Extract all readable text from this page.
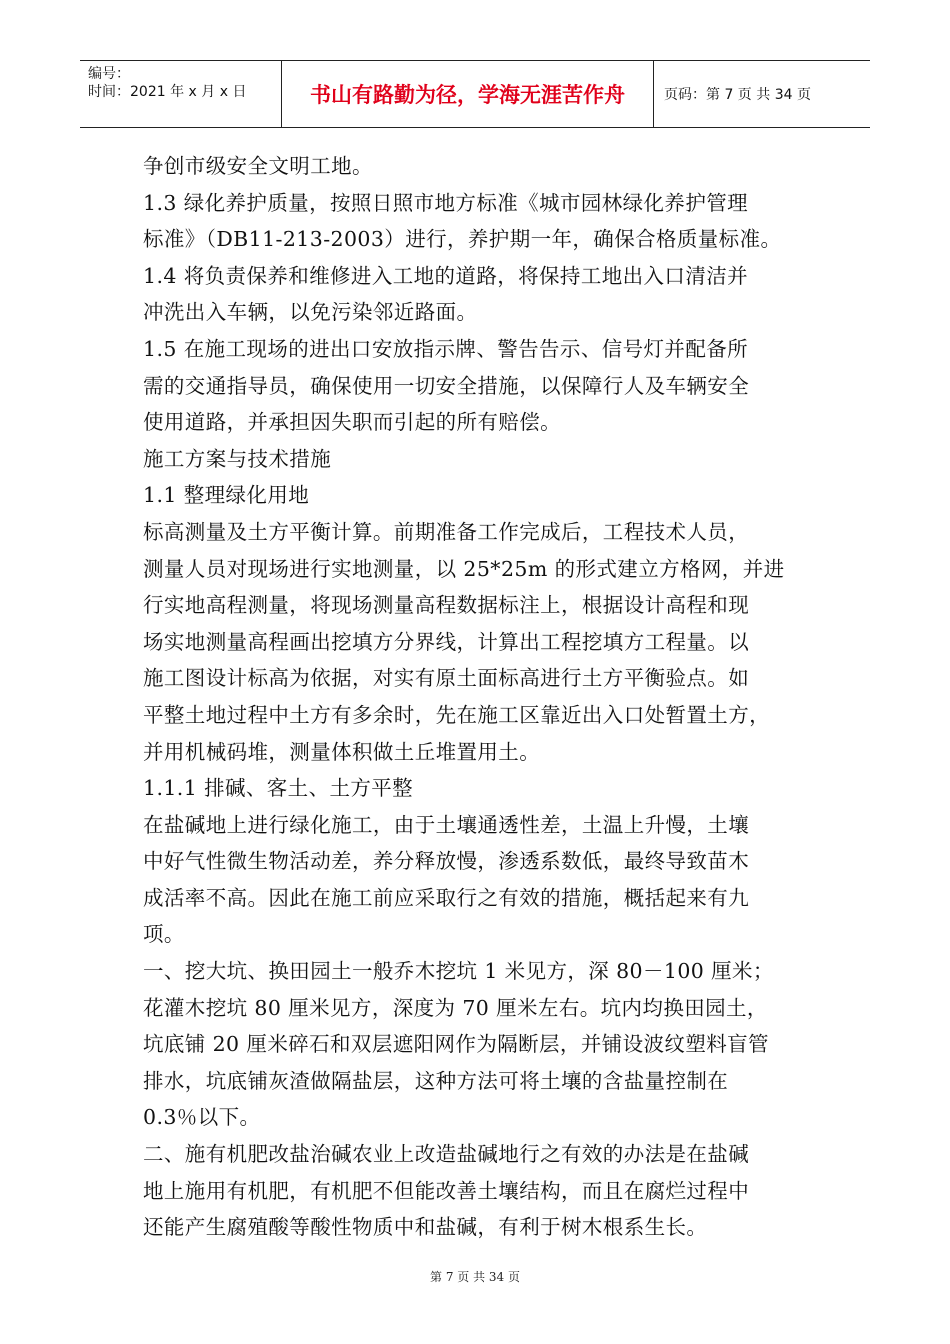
编号：
时间：2021 年 x 月 x 日	书山有路勤为径，学海无涯苦作舟	页码：第 7 页 共 34 页
争创市级安全文明工地。
1.3 绿化养护质量，按照日照市地方标准《城市园林绿化养护管理
标准》（DB11-213-2003）进行，养护期一年，确保合格质量标准。
1.4 将负责保养和维修进入工地的道路，将保持工地出入口清洁并
冲洗出入车辆，以免污染邻近路面。
1.5 在施工现场的进出口安放指示牌、警告告示、信号灯并配备所
需的交通指导员，确保使用一切安全措施，以保障行人及车辆安全
使用道路，并承担因失职而引起的所有赔偿。
施工方案与技术措施
1.1 整理绿化用地
标高测量及土方平衡计算。前期准备工作完成后，工程技术人员，
测量人员对现场进行实地测量，以 25*25m 的形式建立方格网，并进
行实地高程测量，将现场测量高程数据标注上，根据设计高程和现
场实地测量高程画出挖填方分界线，计算出工程挖填方工程量。以
施工图设计标高为依据，对实有原土面标高进行土方平衡验点。如
平整土地过程中土方有多余时，先在施工区靠近出入口处暂置土方，
并用机械码堆，测量体积做土丘堆置用土。
1.1.1 排碱、客土、土方平整
在盐碱地上进行绿化施工，由于土壤通透性差，土温上升慢，土壤
中好气性微生物活动差，养分释放慢，渗透系数低，最终导致苗木
成活率不高。因此在施工前应采取行之有效的措施，概括起来有九
项。
一、挖大坑、换田园土一般乔木挖坑 1 米见方，深 80－100 厘米；
花灌木挖坑 80 厘米见方，深度为 70 厘米左右。坑内均换田园土，
坑底铺 20 厘米碎石和双层遮阳网作为隔断层，并铺设波纹塑料盲管
排水，坑底铺灰渣做隔盐层，这种方法可将土壤的含盐量控制在
0.3％以下。
二、施有机肥改盐治碱农业上改造盐碱地行之有效的办法是在盐碱
地上施用有机肥，有机肥不但能改善土壤结构，而且在腐烂过程中
还能产生腐殖酸等酸性物质中和盐碱，有利于树木根系生长。
第 7 页 共 34 页
